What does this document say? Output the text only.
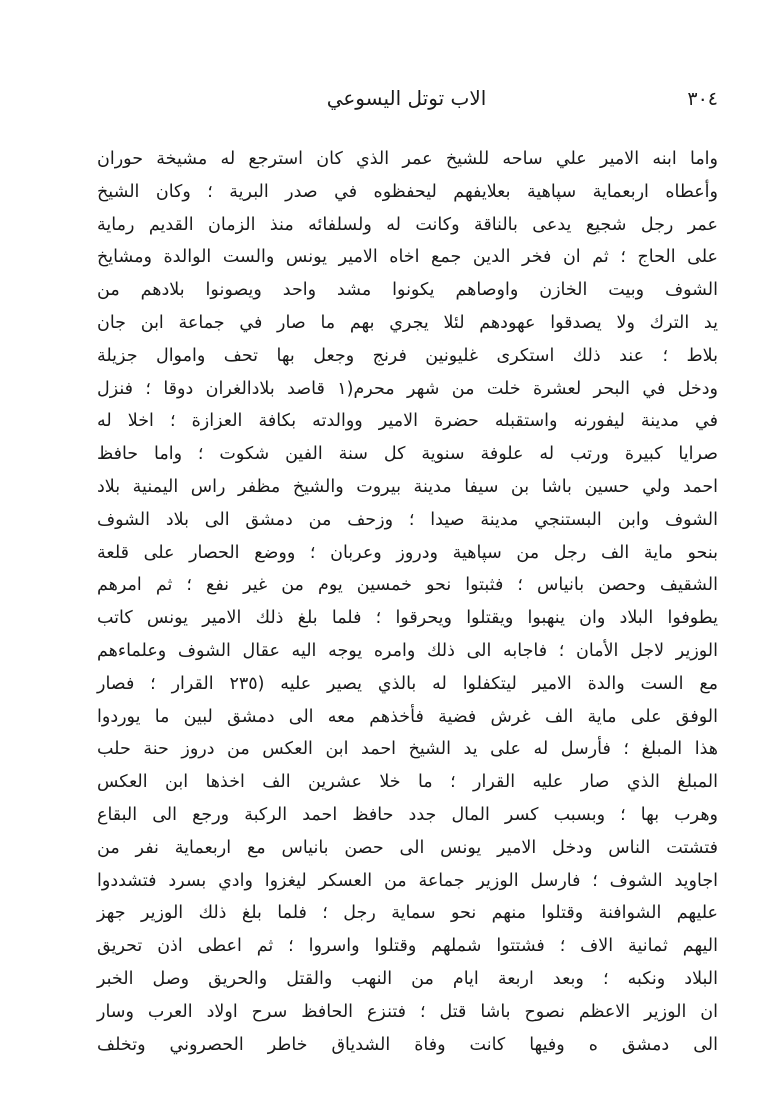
٣٠٤
الاب توتل اليسوعي
واما ابنه الامير علي ساحه للشيخ عمر الذي كان استرجع له مشيخة حوران
وأعطاه اربعماية سپاهية بعلايفهم ليحفظوه في صدر البرية ؛ وكان الشيخ
عمر رجل شجيع يدعى بالناقة وكانت له ولسلفائه منذ الزمان القديم رماية
على الحاج ؛ ثم ان فخر الدين جمع اخاه الامير يونس والست الوالدة ومشايخ
الشوف وبيت الخازن واوصاهم يكونوا مشد واحد ويصونوا بلادهم من
يد الترك ولا يصدقوا عهودهم لئلا يجري بهم ما صار في جماعة ابن جان
بلاط ؛ عند ذلك استكرى غليونين فرنج وجعل بها تحف واموال جزيلة
ودخل في البحر لعشرة خلت من شهر محرم(١ قاصد بلادالغران دوقا ؛ فنزل
في مدينة ليفورنه واستقبله حضرة الامير ووالدته بكافة العزازة ؛ اخلا له
صرايا كبيرة ورتب له علوفة سنوية كل سنة الفين شكوت ؛ واما حافظ
احمد ولي حسين باشا بن سيفا مدينة بيروت والشيخ مظفر راس اليمنية بلاد
الشوف وابن البستنجي مدينة صيدا ؛ وزحف من دمشق الى بلاد الشوف
بنحو ماية الف رجل من سپاهية ودروز وعربان ؛ ووضع الحصار على قلعة
الشقيف وحصن بانياس ؛ فثبتوا نحو خمسين يوم من غير نفع ؛ ثم امرهم
يطوفوا البلاد وان ينهبوا ويقتلوا ويحرقوا ؛ فلما بلغ ذلك الامير يونس كاتب
الوزير لاجل الأمان ؛ فاجابه الى ذلك وامره يوجه اليه عقال الشوف وعلماءهم
مع الست والدة الامير ليتكفلوا له بالذي يصير عليه (٢٣٥ القرار ؛ فصار
الوفق على ماية الف غرش فضية فأخذهم معه الى دمشق لبين ما يوردوا
هذا المبلغ ؛ فأرسل له على يد الشيخ احمد ابن العكس من دروز حنة حلب
المبلغ الذي صار عليه القرار ؛ ما خلا عشرين الف اخذها ابن العكس
وهرب بها ؛ وبسبب كسر المال جدد حافظ احمد الركبة ورجع الى البقاع
فتشتت الناس ودخل الامير يونس الى حصن بانياس مع اربعماية نفر من
اجاويد الشوف ؛ فارسل الوزير جماعة من العسكر ليغزوا وادي بسرد فتشددوا
عليهم الشوافنة وقتلوا منهم نحو سماية رجل ؛ فلما بلغ ذلك الوزير جهز
اليهم ثمانية الاف ؛ فشتتوا شملهم وقتلوا واسروا ؛ ثم اعطى اذن تحريق
البلاد ونكبه ؛ وبعد اربعة ايام من النهب والقتل والحريق وصل الخبر
ان الوزير الاعظم نصوح باشا قتل ؛ فتنزع الحافظ سرح اولاد العرب وسار
الى دمشق ه وفيها كانت وفاة الشدياق خاطر الحصروني وتخلف
